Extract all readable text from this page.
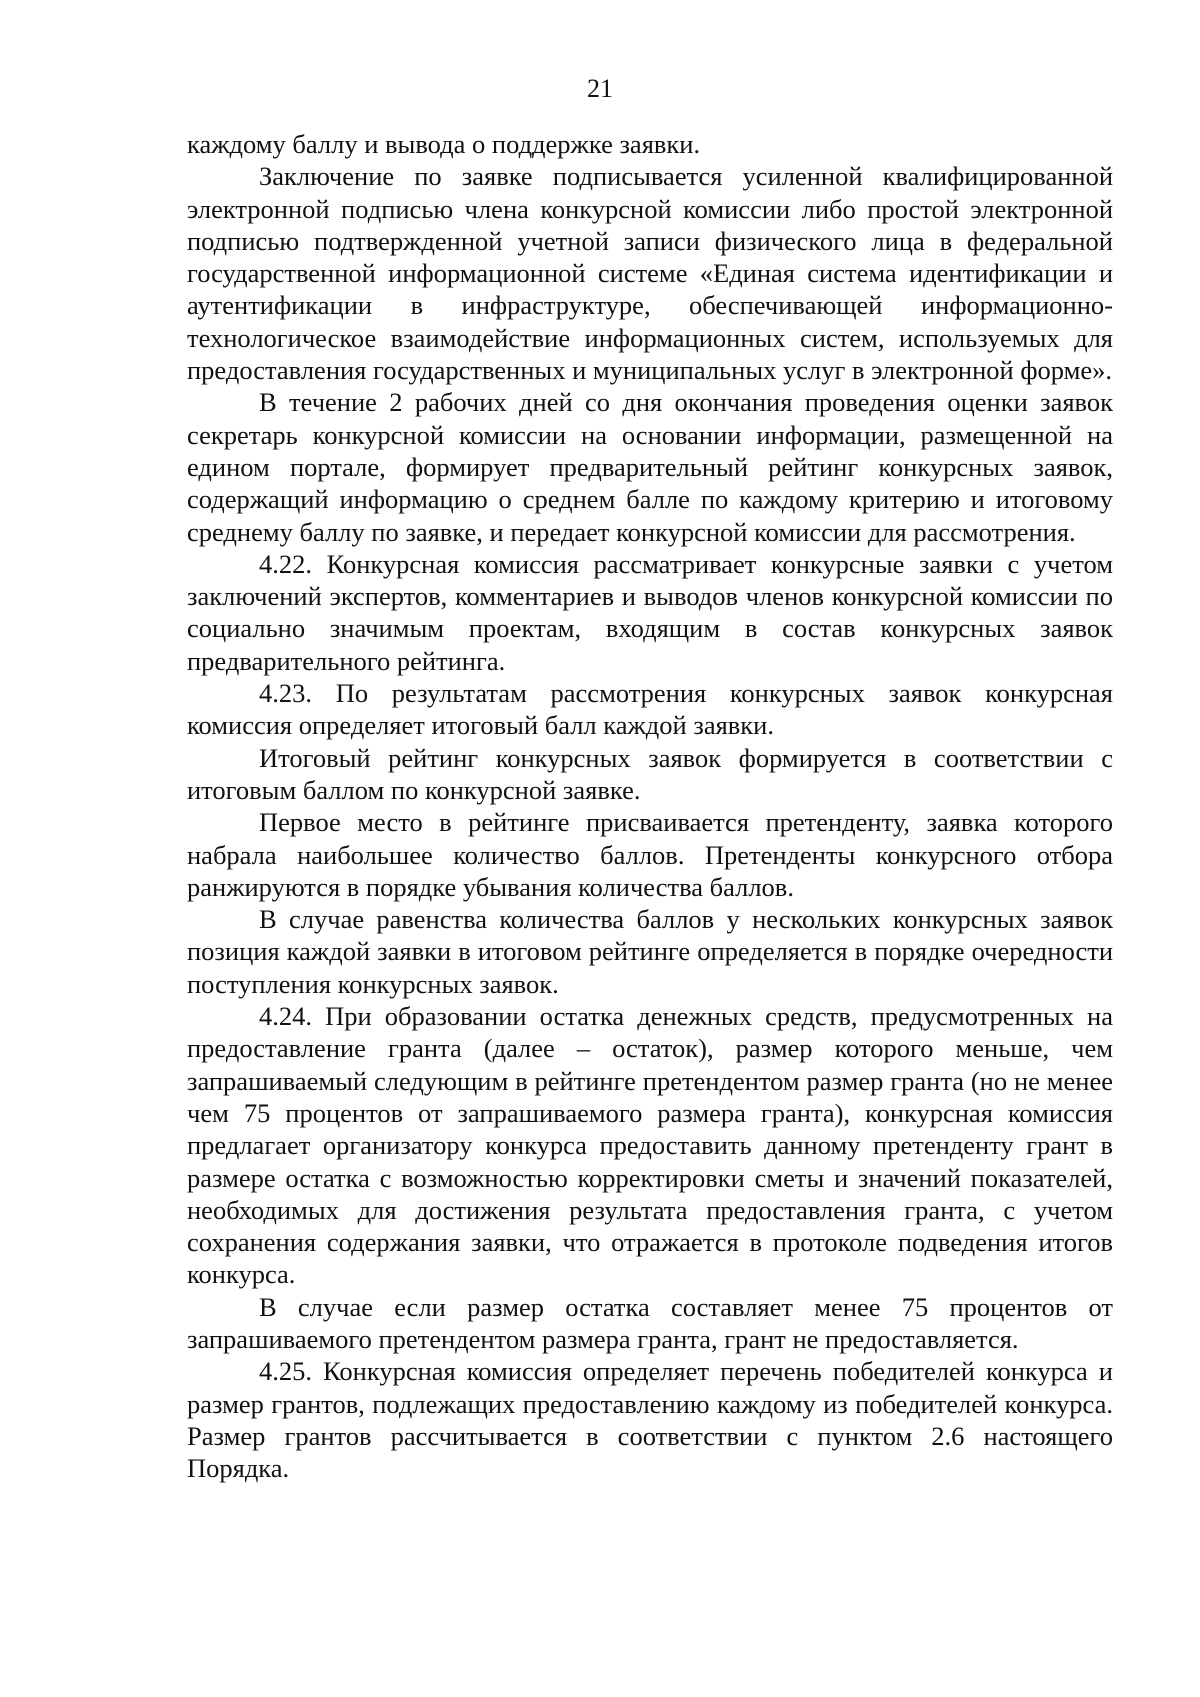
21

каждому баллу и вывода о поддержке заявки.

Заключение по заявке подписывается усиленной квалифицированной электронной подписью члена конкурсной комиссии либо простой электронной подписью подтвержденной учетной записи физического лица в федеральной государственной информационной системе «Единая система идентификации и аутентификации в инфраструктуре, обеспечивающей информационно-технологическое взаимодействие информационных систем, используемых для предоставления государственных и муниципальных услуг в электронной форме».

В течение 2 рабочих дней со дня окончания проведения оценки заявок секретарь конкурсной комиссии на основании информации, размещенной на едином портале, формирует предварительный рейтинг конкурсных заявок, содержащий информацию о среднем балле по каждому критерию и итоговому среднему баллу по заявке, и передает конкурсной комиссии для рассмотрения.

4.22. Конкурсная комиссия рассматривает конкурсные заявки с учетом заключений экспертов, комментариев и выводов членов конкурсной комиссии по социально значимым проектам, входящим в состав конкурсных заявок предварительного рейтинга.

4.23. По результатам рассмотрения конкурсных заявок конкурсная комиссия определяет итоговый балл каждой заявки.

Итоговый рейтинг конкурсных заявок формируется в соответствии с итоговым баллом по конкурсной заявке.

Первое место в рейтинге присваивается претенденту, заявка которого набрала наибольшее количество баллов. Претенденты конкурсного отбора ранжируются в порядке убывания количества баллов.

В случае равенства количества баллов у нескольких конкурсных заявок позиция каждой заявки в итоговом рейтинге определяется в порядке очередности поступления конкурсных заявок.

4.24. При образовании остатка денежных средств, предусмотренных на предоставление гранта (далее – остаток), размер которого меньше, чем запрашиваемый следующим в рейтинге претендентом размер гранта (но не менее чем 75 процентов от запрашиваемого размера гранта), конкурсная комиссия предлагает организатору конкурса предоставить данному претенденту грант в размере остатка с возможностью корректировки сметы и значений показателей, необходимых для достижения результата предоставления гранта, с учетом сохранения содержания заявки, что отражается в протоколе подведения итогов конкурса.

В случае если размер остатка составляет менее 75 процентов от запрашиваемого претендентом размера гранта, грант не предоставляется.

4.25. Конкурсная комиссия определяет перечень победителей конкурса и размер грантов, подлежащих предоставлению каждому из победителей конкурса. Размер грантов рассчитывается в соответствии с пунктом 2.6 настоящего Порядка.
